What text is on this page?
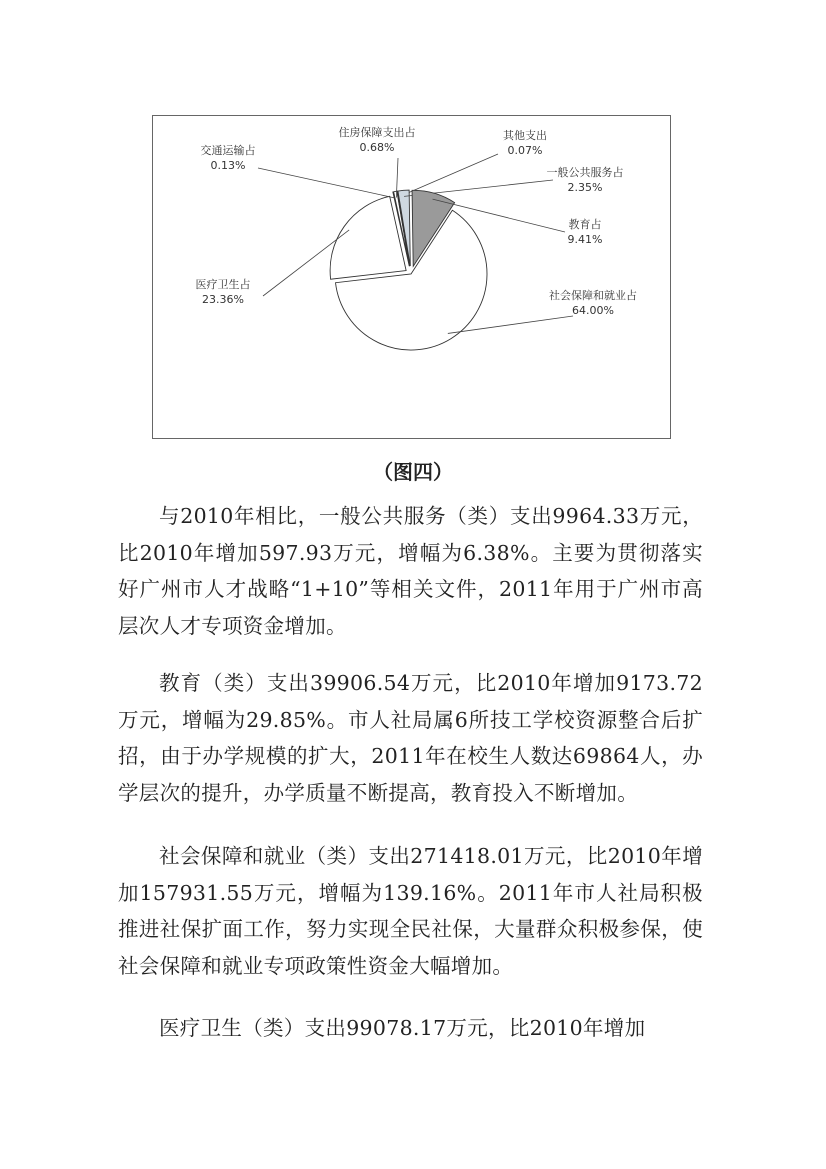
社会保障和就业占
64.00%
医疗卫生占
23.36%
交通运输占
0.13%
住房保障支出占
0.68%
其他支出
0.07%
一般公共服务占
2.35%
教育占
9.41%
（图四）

与2010年相比，一般公共服务（类）支出9964.33万元，比2010年增加597.93万元，增幅为6.38%。主要为贯彻落实好广州市人才战略“1+10”等相关文件，2011年用于广州市高层次人才专项资金增加。

教育（类）支出39906.54万元，比2010年增加9173.72万元，增幅为29.85%。市人社局属6所技工学校资源整合后扩招，由于办学规模的扩大，2011年在校生人数达69864人，办学层次的提升，办学质量不断提高，教育投入不断增加。

社会保障和就业（类）支出271418.01万元，比2010年增加157931.55万元，增幅为139.16%。2011年市人社局积极推进社保扩面工作，努力实现全民社保，大量群众积极参保，使社会保障和就业专项政策性资金大幅增加。

医疗卫生（类）支出99078.17万元，比2010年增加
